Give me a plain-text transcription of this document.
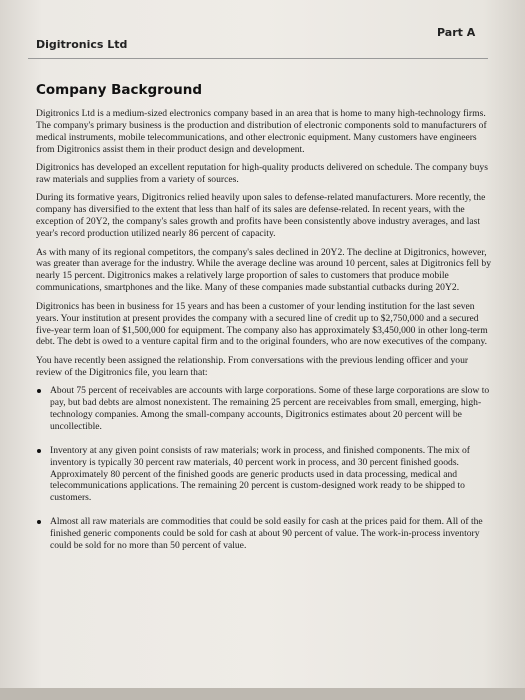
Digitronics Ltd
Part A
Company Background

Digitronics Ltd is a medium-sized electronics company based in an area that is home to many high-technology firms. The company's primary business is the production and distribution of electronic components sold to manufacturers of medical instruments, mobile telecommunications, and other electronic equipment. Many customers have engineers from Digitronics assist them in their product design and development.

Digitronics has developed an excellent reputation for high-quality products delivered on schedule. The company buys raw materials and supplies from a variety of sources.

During its formative years, Digitronics relied heavily upon sales to defense-related manufacturers. More recently, the company has diversified to the extent that less than half of its sales are defense-related. In recent years, with the exception of 20Y2, the company's sales growth and profits have been consistently above industry averages, and last year's record production utilized nearly 86 percent of capacity.

As with many of its regional competitors, the company's sales declined in 20Y2. The decline at Digitronics, however, was greater than average for the industry. While the average decline was around 10 percent, sales at Digitronics fell by nearly 15 percent. Digitronics makes a relatively large proportion of sales to customers that produce mobile communications, smartphones and the like. Many of these companies made substantial cutbacks during 20Y2.

Digitronics has been in business for 15 years and has been a customer of your lending institution for the last seven years. Your institution at present provides the company with a secured line of credit up to $2,750,000 and a secured five-year term loan of $1,500,000 for equipment. The company also has approximately $3,450,000 in other long-term debt. The debt is owed to a venture capital firm and to the original founders, who are now executives of the company.

You have recently been assigned the relationship. From conversations with the previous lending officer and your review of the Digitronics file, you learn that:

About 75 percent of receivables are accounts with large corporations. Some of these large corporations are slow to pay, but bad debts are almost nonexistent. The remaining 25 percent are receivables from small, emerging, high-technology companies. Among the small-company accounts, Digitronics estimates about 20 percent will be uncollectible.
Inventory at any given point consists of raw materials; work in process, and finished components. The mix of inventory is typically 30 percent raw materials, 40 percent work in process, and 30 percent finished goods. Approximately 80 percent of the finished goods are generic products used in data processing, medical and telecommunications applications. The remaining 20 percent is custom-designed work ready to be shipped to customers.
Almost all raw materials are commodities that could be sold easily for cash at the prices paid for them. All of the finished generic components could be sold for cash at about 90 percent of value. The work-in-process inventory could be sold for no more than 50 percent of value.
